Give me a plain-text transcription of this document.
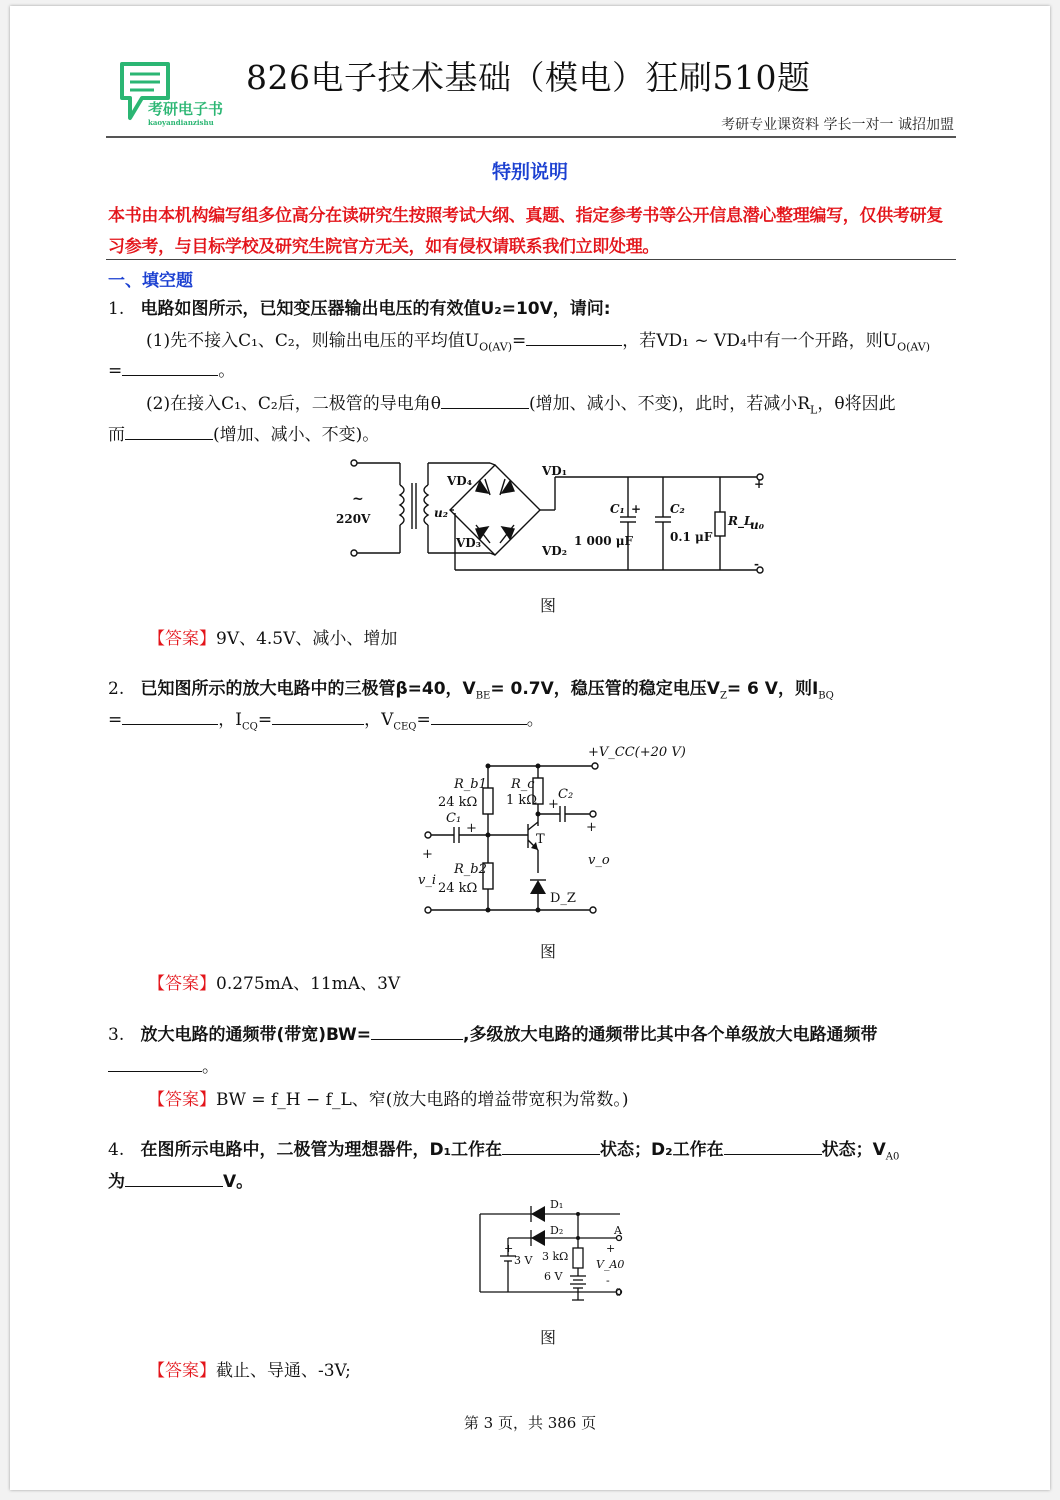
考研电子书
kaoyandianzishu
826电子技术基础（模电）狂刷510题
考研专业课资料 学长一对一 诚招加盟
特别说明
本书由本机构编写组多位高分在读研究生按照考试大纲、真题、指定参考书等公开信息潜心整理编写，仅供考研复习参考，与目标学校及研究生院官方无关，如有侵权请联系我们立即处理。
一、填空题
1. 电路如图所示，已知变压器输出电压的有效值U₂=10V，请问:
(1)先不接入C₁、C₂，则输出电压的平均值$U_{O(AV)}=$	，若VD₁ ~ VD₄中有一个开路，则$U_{O(AV)}$
=	。
(2)在接入C₁、C₂后，二极管的导电角θ	(增加、减小、不变)，此时，若减小$R_L$，θ将因此
而	(增加、减小、不变)。
~
220V	u₂
VD₄
VD₁
VD₃
VD₂
C₁ +
1 000 μF
C₂
0.1 μF
R_L
u₀
+
-
图
【答案】9V、4.5V、减小、增加
2. 已知图所示的放大电路中的三极管β=40，$V_{BE}= 0.7V$，稳压管的稳定电压$V_Z= 6$ V，则$I_{BQ}$
=	，$I_{CQ}=$	，$V_{CEQ}=$	。
+V_CC(+20 V)
R_b1
24 kΩ
R_c
1 kΩ C₂
C₁
+
+
+
+
T
R_b2
24 kΩ
D_Z
v_i
v_o
图
【答案】0.275mA、11mA、3V
3. 放大电路的通频带(带宽)BW=	,多级放大电路的通频带比其中各个单级放大电路通频带
。
【答案】BW = f_H − f_L、窄(放大电路的增益带宽积为常数。)
4. 在图所示电路中，二极管为理想器件，D₁工作在	状态；D₂工作在	状态；$V_{A0}$
为	V。
D₁
D₂	A
3 V 3 kΩ
6 V
V_A0
0
+	+
-
图
【答案】截止、导通、-3V;
第 3 页，共 386 页
